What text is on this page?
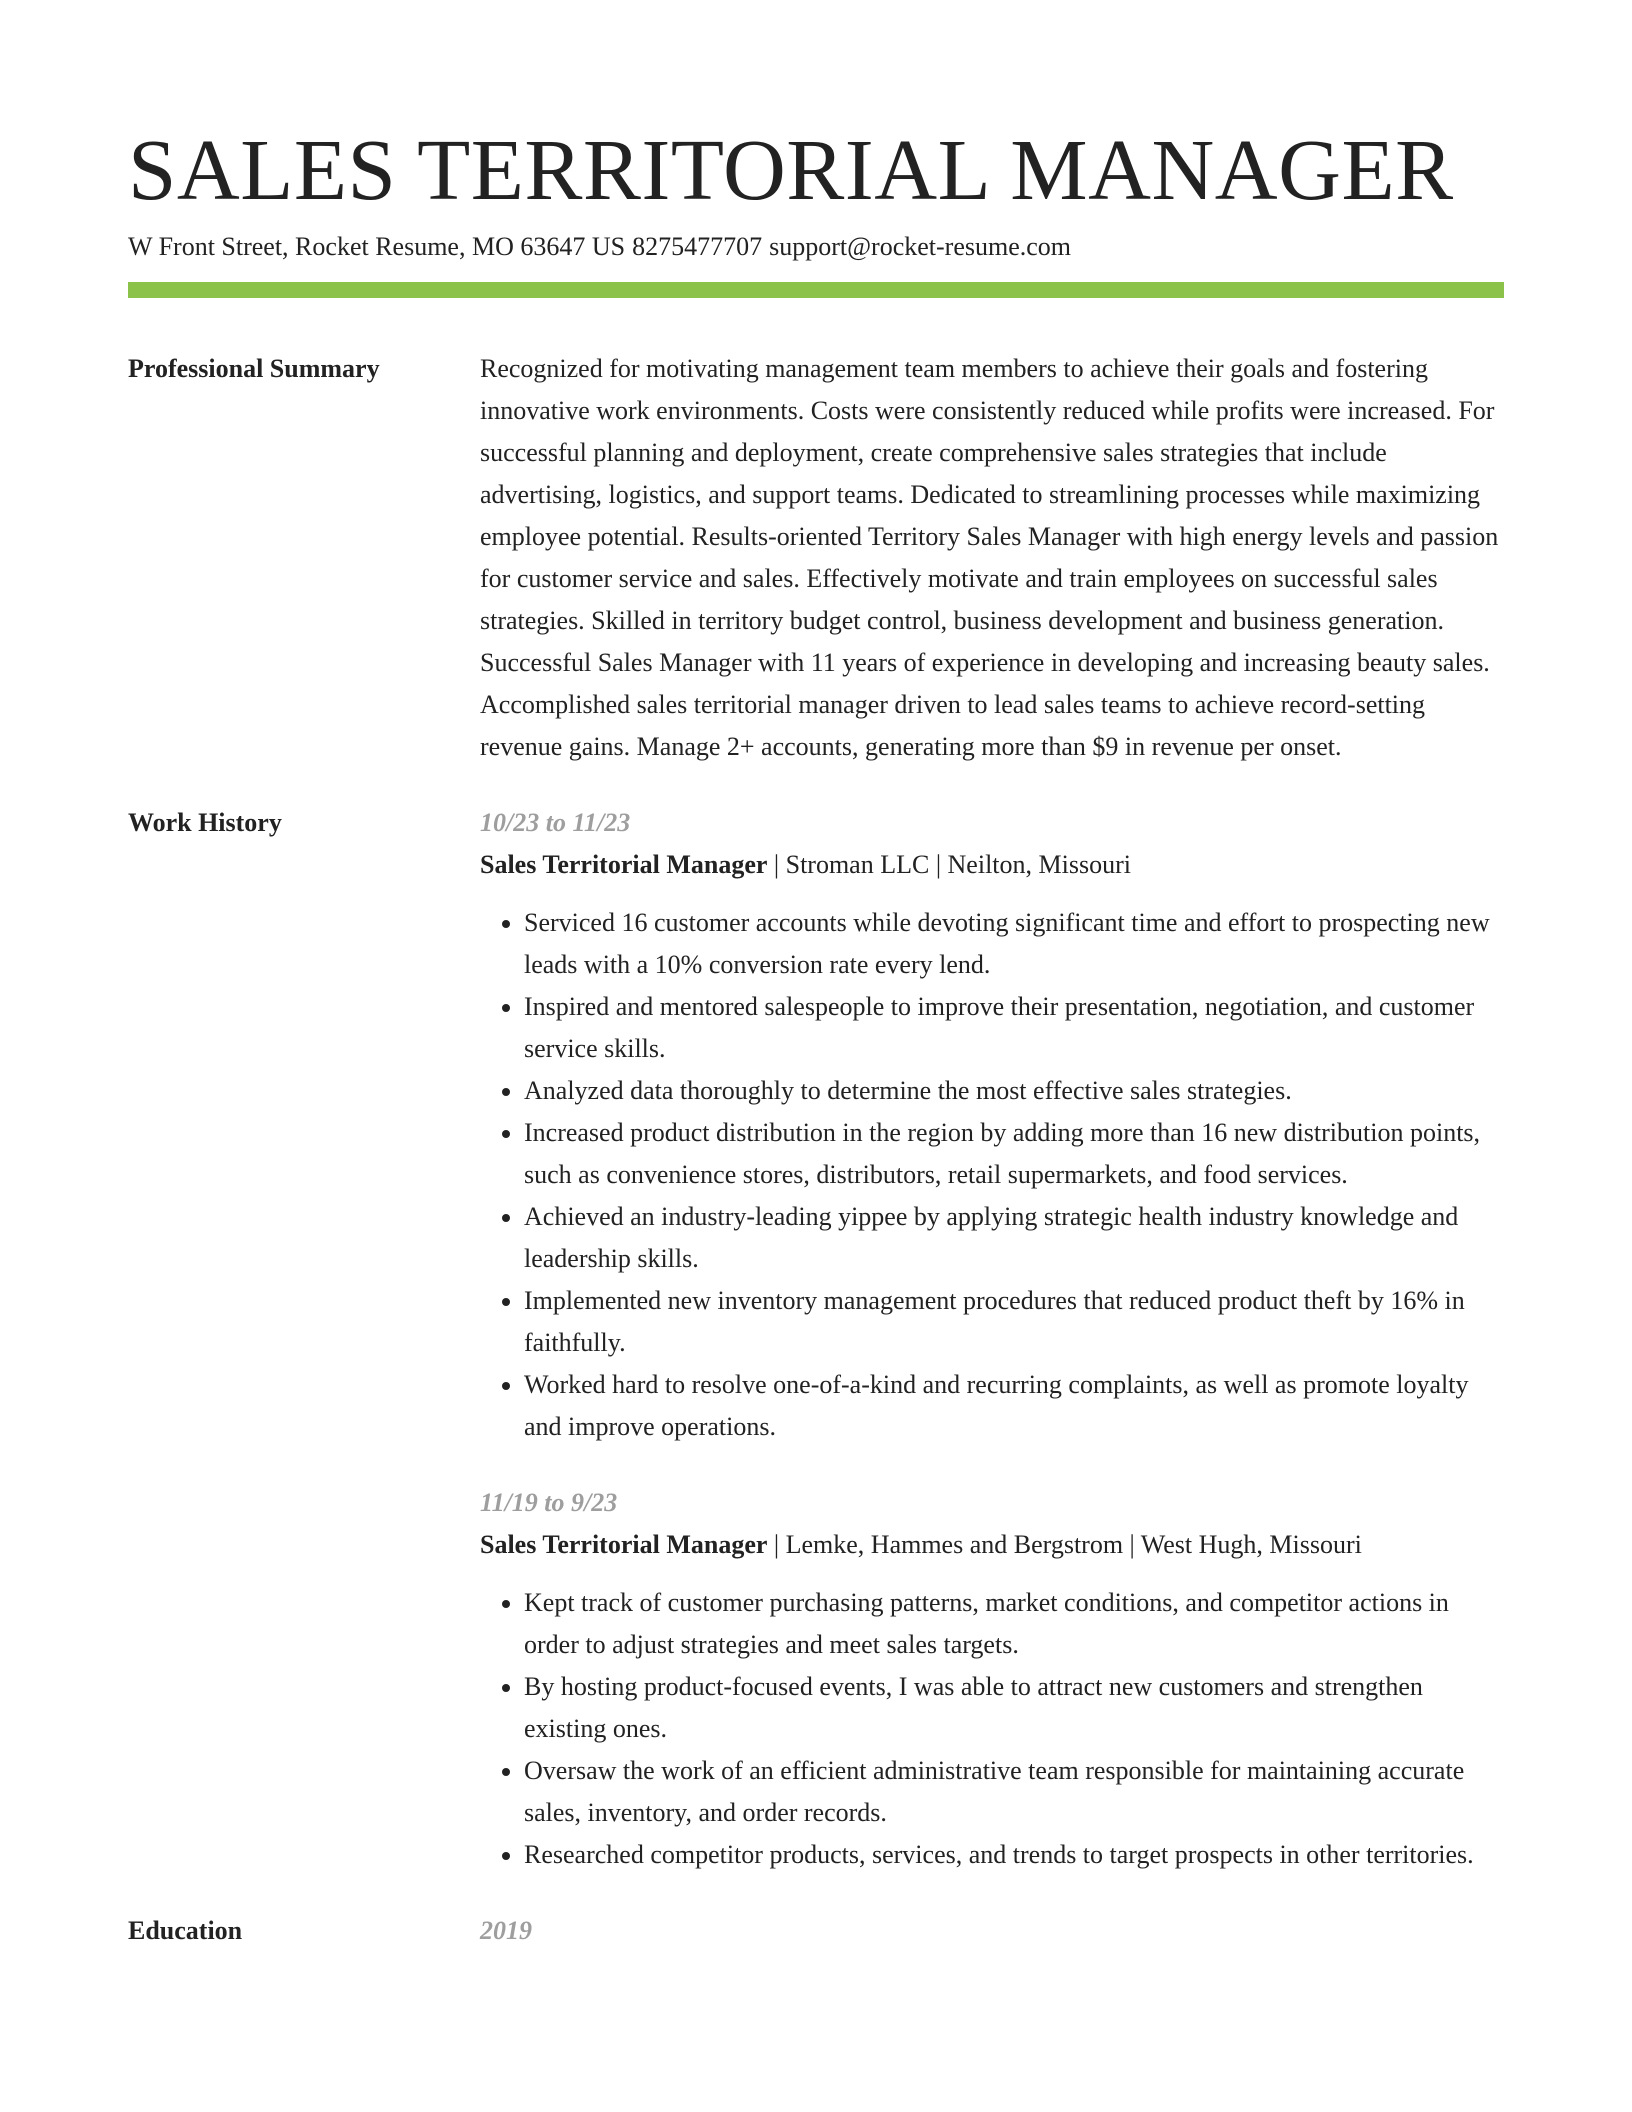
SALES TERRITORIAL MANAGER
W Front Street, Rocket Resume, MO 63647 US 8275477707 support@rocket-resume.com
Professional Summary	Recognized for motivating management team members to achieve their goals and fostering innovative work environments. Costs were consistently reduced while profits were increased. For successful planning and deployment, create comprehensive sales strategies that include advertising, logistics, and support teams. Dedicated to streamlining processes while maximizing employee potential. Results-oriented Territory Sales Manager with high energy levels and passion for customer service and sales. Effectively motivate and train employees on successful sales strategies. Skilled in territory budget control, business development and business generation. Successful Sales Manager with 11 years of experience in developing and increasing beauty sales. Accomplished sales territorial manager driven to lead sales teams to achieve record-setting revenue gains. Manage 2+ accounts, generating more than $9 in revenue per onset.

Work History	10/23 to 11/23
Sales Territorial Manager | Stroman LLC | Neilton, Missouri
• Serviced 16 customer accounts while devoting significant time and effort to prospecting new leads with a 10% conversion rate every lend.
• Inspired and mentored salespeople to improve their presentation, negotiation, and customer service skills.
• Analyzed data thoroughly to determine the most effective sales strategies.
• Increased product distribution in the region by adding more than 16 new distribution points, such as convenience stores, distributors, retail supermarkets, and food services.
• Achieved an industry-leading yippee by applying strategic health industry knowledge and leadership skills.
• Implemented new inventory management procedures that reduced product theft by 16% in faithfully.
• Worked hard to resolve one-of-a-kind and recurring complaints, as well as promote loyalty and improve operations.
11/19 to 9/23
Sales Territorial Manager | Lemke, Hammes and Bergstrom | West Hugh, Missouri
• Kept track of customer purchasing patterns, market conditions, and competitor actions in order to adjust strategies and meet sales targets.
• By hosting product-focused events, I was able to attract new customers and strengthen existing ones.
• Oversaw the work of an efficient administrative team responsible for maintaining accurate sales, inventory, and order records.
• Researched competitor products, services, and trends to target prospects in other territories.
Education	2019
